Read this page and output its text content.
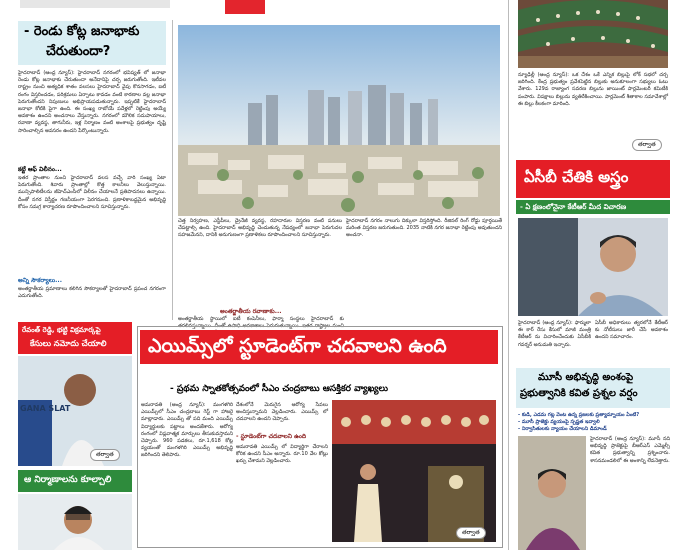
- రెండు కోట్ల జనాభాకు
చేరుతుందా?
హైదరాబాద్ (ఆంధ్ర న్యూస్): హైదరాబాద్ నగరంలో భవిష్యత్ లో జనాభా రెండు కోట్ల జనాభాకు చేరుతుందా అనేదానిపై చర్చ జరుగుతోంది. ఇటీవల రాష్ట్రం నుంచి అత్యధిక శాతం వలసలు హైదరాబాద్ వైపు కొనసాగడం, ఐటీ రంగం విస్తరించడం, పరిశ్రమలు ఏర్పాటు కావడం వంటి కారణాల వల్ల జనాభా పెరుగుతోందని నిపుణులు అభిప్రాయపడుతున్నారు. ఇప్పటికే హైదరాబాద్ జనాభా కోటికి పైగా ఉంది. ఈ సంఖ్య రాబోయే పదేళ్లలో రెట్టింపు అయ్యే అవకాశం ఉందని అంచనాలు వేస్తున్నారు. నగరంలో మౌలిక సదుపాయాలు, రవాణా వ్యవస్థ, తాగునీరు, ఇళ్ల నిర్మాణం వంటి అంశాలపై ప్రభుత్వం దృష్టి సారించాల్సిన అవసరం ఉందని పేర్కొంటున్నారు.
కట్టే ఆఫ్ విలీనం...
ఇతర ప్రాంతాల నుంచి హైదరాబాద్ వలస వచ్చే వారి సంఖ్య ఏటా పెరుగుతోంది. శివారు ప్రాంతాల్లో కొత్త కాలనీలు వెలుస్తున్నాయి. మున్సిపాలిటీలను జీహెచ్ఎంసీలో విలీనం చేయాలనే ప్రతిపాదనలు ఉన్నాయి. దీంతో నగర విస్తీర్ణం గణనీయంగా పెరగనుంది. ప్రణాళికాబద్ధమైన అభివృద్ధి కోసం సమగ్ర కార్యాచరణ రూపొందించాలని సూచిస్తున్నారు.
అన్ని సౌకర్యాలు...
అంతర్జాతీయ ప్రమాణాలు కలిగిన సౌకర్యాలతో హైదరాబాద్ ప్రపంచ నగరంగా ఎదుగుతోంది.
చెత్త నిర్వహణ, ఎస్టీపీలు, డ్రైనేజీ వ్యవస్థ, రహదారుల విస్తరణ వంటి పనులు చేపట్టాల్సి ఉంది. హైదరాబాద్ అభివృద్ధి చెందుతున్న నేపథ్యంలో జనాభా పెరుగుదల సహజమేనని, దానికి అనుగుణంగా ప్రణాళికలు రూపొందించాలని సూచిస్తున్నారు.
హైదరాబాద్ నగరం నాలుగు దిక్కులా విస్తరిస్తోంది. రీజినల్ రింగ్ రోడ్డు పూర్తయితే మరింత విస్తరణ జరుగుతుంది. 2035 నాటికి నగర జనాభా రెట్టింపు అవుతుందని అంచనా.
అంతర్జాతీయ రవాణాకు...
అంతర్జాతీయ స్థాయిలో ఐటీ కంపెనీలు, ఫార్మా సంస్థలు హైదరాబాద్ కు తరలివస్తున్నాయి. దీంతో ఉపాధి అవకాశాలు పెరుగుతున్నాయి. ఇతర రాష్ట్రాల నుంచి
న్యూఢిల్లీ (ఆంధ్ర న్యూస్): ఒక దేశం ఒకే ఎన్నిక బిల్లుపై లోక్ సభలో చర్చ జరిగింది. కేంద్ర ప్రభుత్వం ప్రవేశపెట్టిన బిల్లుకు అనుకూలంగా సభ్యులు ఓటు వేశారు. 129వ రాజ్యాంగ సవరణ బిల్లును జాయింట్ పార్లమెంటరీ కమిటీకి పంపారు. విపక్షాలు బిల్లును వ్యతిరేకించాయి. పార్లమెంట్ శీతాకాల సమావేశాల్లో ఈ బిల్లు కీలకంగా మారింది.
తర్వాత
ఏసీబీ చేతికి అస్త్రం
- ఏ క్షణంలోనైనా కేటీఆర్ మీద విచారణ
హైదరాబాద్ (ఆంధ్ర న్యూస్): ఫార్ములా ఈ కార్ రేసు కేసులో మాజీ మంత్రి కేటీఆర్ ను విచారించేందుకు ఏసీబీకి గవర్నర్ అనుమతి ఇచ్చారు.
ఏసీబీ అధికారులు త్వరలోనే కేటీఆర్ కు నోటీసులు జారీ చేసే అవకాశం ఉందని సమాచారం.
మూసీ అభివృద్ధి అంశంపై
ప్రభుత్వానికి కవిత ప్రశ్నల వర్షం
- కుడి, ఎడమ గట్ల వెంట ఉన్న ప్రజలకు ప్రత్యామ్నాయం ఏంటి?
- మూసీ ప్రాజెక్టు వ్యయంపై స్పష్టత ఇవ్వాలి
- నిర్వాసితులకు న్యాయం చేయాలని డిమాండ్
హైదరాబాద్ (ఆంధ్ర న్యూస్): మూసీ నది అభివృద్ధి ప్రాజెక్టుపై బీఆర్ఎస్ ఎమ్మెల్సీ కవిత ప్రభుత్వాన్ని ప్రశ్నించారు. శాసనమండలిలో ఈ అంశాన్ని లేవనెత్తారు.
రేవంత్ రెడ్డి, భట్టి విక్రమార్కపై
కేసులు నమోదు చేయాలి
GANA SLAT
తర్వాత
ఆ నిర్మాణాలను కూల్చాలి
ఎయిమ్స్‌లో స్టూడెంట్‌గా చదవాలని ఉంది
- ప్రథమ స్నాతకోత్సవంలో సీఎం చంద్రబాబు ఆసక్తికర వ్యాఖ్యలు
అమరావతి (ఆంధ్ర న్యూస్): మంగళగిరి ఎయిమ్స్‌లో సీఎం చంద్రబాబు గెస్ట్ గా హాజరై మాట్లాడారు. ఎయిమ్స్ తో పది మంది ఎయిమ్స్ విద్యార్థులకు పట్టాలు అందజేశారు. ఆరోగ్య రంగంలో విప్లవాత్మక మార్పులు తీసుకువస్తామని చెప్పారు. 960 పడకలు, రూ.1,618 కోట్ల వ్యయంతో మంగళగిరి ఎయిమ్స్ అభివృద్ధి జరిగిందని తెలిపారు.
దేశంలోనే మెరుగైన ఆరోగ్య సేవలు అందిస్తున్నామని వెల్లడించారు. ఎయిమ్స్ లో చదవాలని ఉందని చెప్పారు.
- స్టూడెంట్‌గా చదవాలని ఉంది
అమరావతి ఎయిమ్స్ లో విద్యార్థిగా చేరాలని కోరిక ఉందని సీఎం అన్నారు. రూ.10 వేల కోట్లు ఖర్చు చేశామని వెల్లడించారు.
తర్వాత
